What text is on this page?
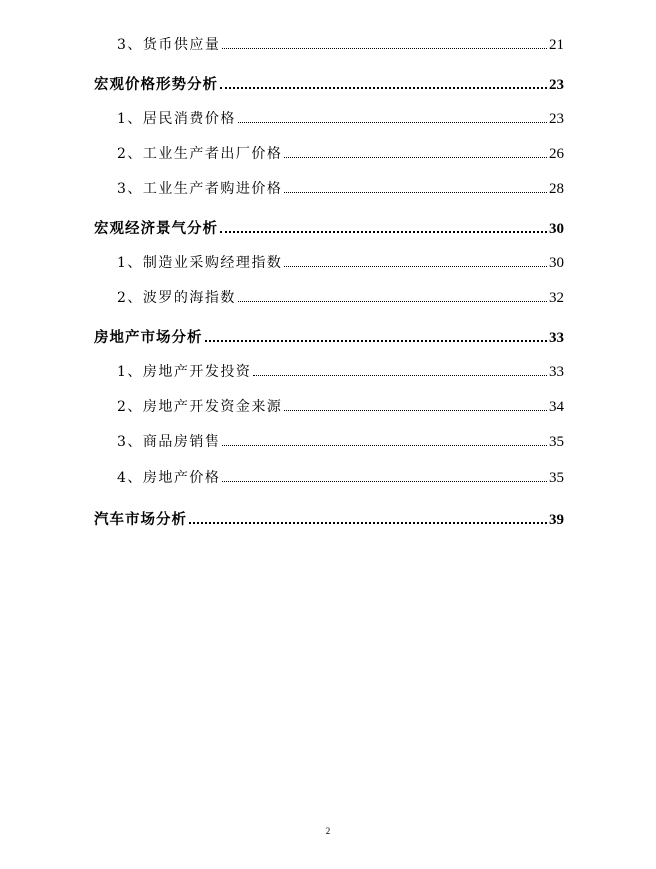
3、货币供应量	21
宏观价格形势分析	23
1、居民消费价格	23
2、工业生产者出厂价格	26
3、工业生产者购进价格	28
宏观经济景气分析	30
1、制造业采购经理指数	30
2、波罗的海指数	32
房地产市场分析	33
1、房地产开发投资	33
2、房地产开发资金来源	34
3、商品房销售	35
4、房地产价格	35
汽车市场分析	39
2
